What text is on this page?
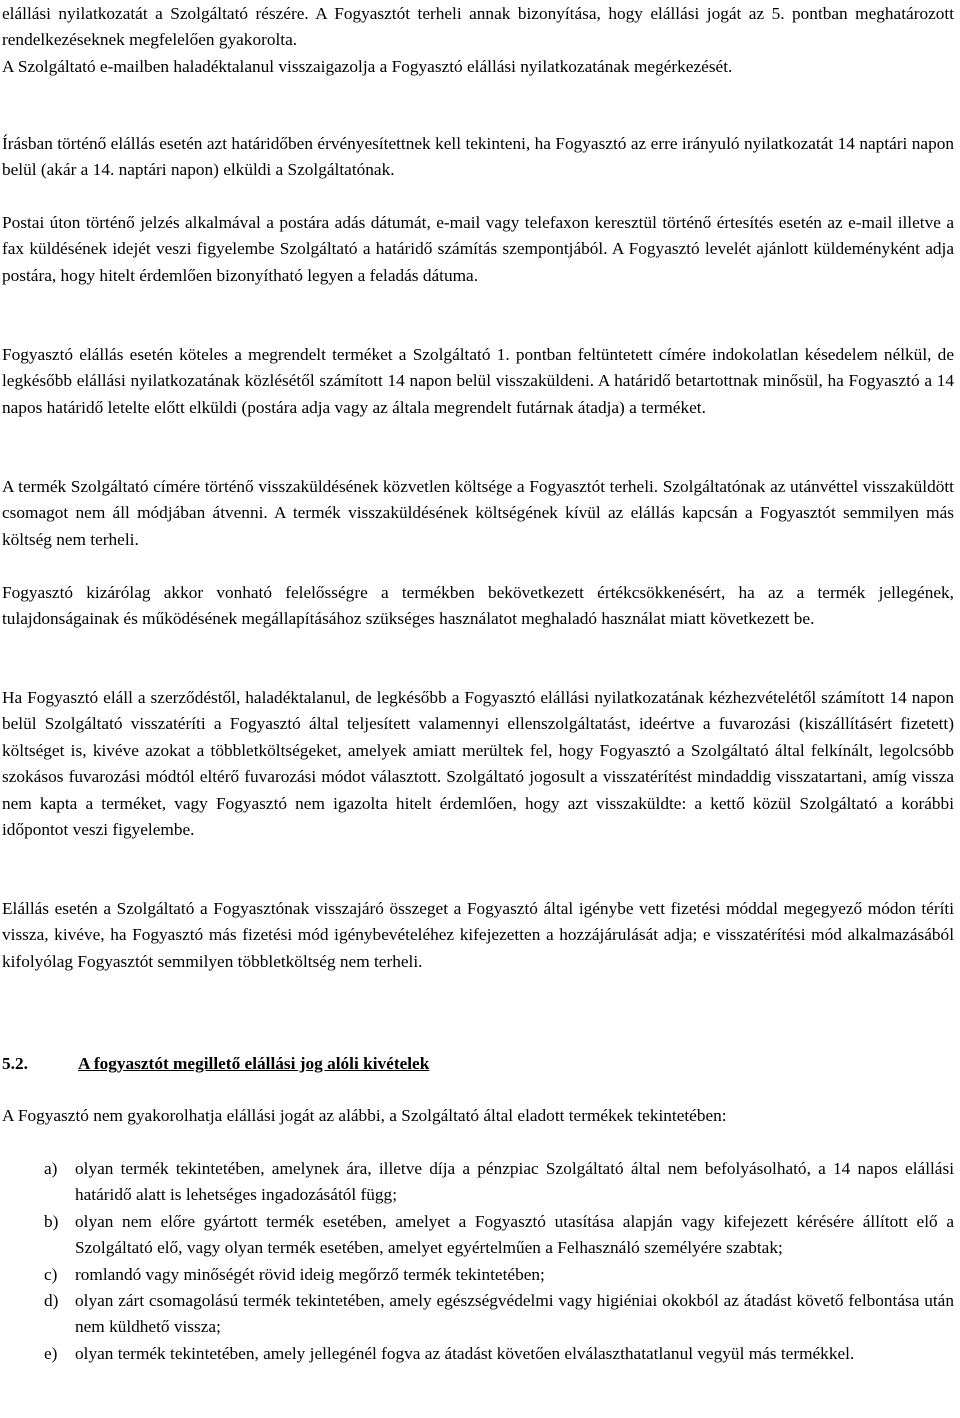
elállási nyilatkozatát a Szolgáltató részére. A Fogyasztót terheli annak bizonyítása, hogy elállási jogát az 5. pontban meghatározott rendelkezéseknek megfelelően gyakorolta.
A Szolgáltató e-mailben haladéktalanul visszaigazolja a Fogyasztó elállási nyilatkozatának megérkezését.

Írásban történő elállás esetén azt határidőben érvényesítettnek kell tekinteni, ha Fogyasztó az erre irányuló nyilatkozatát 14 naptári napon belül (akár a 14. naptári napon) elküldi a Szolgáltatónak.

Postai úton történő jelzés alkalmával a postára adás dátumát, e-mail vagy telefaxon keresztül történő értesítés esetén az e-mail illetve a fax küldésének idejét veszi figyelembe Szolgáltató a határidő számítás szempontjából. A Fogyasztó levelét ajánlott küldeményként adja postára, hogy hitelt érdemlően bizonyítható legyen a feladás dátuma.

Fogyasztó elállás esetén köteles a megrendelt terméket a Szolgáltató 1. pontban feltüntetett címére indokolatlan késedelem nélkül, de legkésőbb elállási nyilatkozatának közlésétől számított 14 napon belül visszaküldeni. A határidő betartottnak minősül, ha Fogyasztó a 14 napos határidő letelte előtt elküldi (postára adja vagy az általa megrendelt futárnak átadja) a terméket.

A termék Szolgáltató címére történő visszaküldésének közvetlen költsége a Fogyasztót terheli. Szolgáltatónak az utánvéttel visszaküldött csomagot nem áll módjában átvenni. A termék visszaküldésének költségének kívül az elállás kapcsán a Fogyasztót semmilyen más költség nem terheli.

Fogyasztó kizárólag akkor vonható felelősségre a termékben bekövetkezett értékcsökkenésért, ha az a termék jellegének, tulajdonságainak és működésének megállapításához szükséges használatot meghaladó használat miatt következett be.

Ha Fogyasztó eláll a szerződéstől, haladéktalanul, de legkésőbb a Fogyasztó elállási nyilatkozatának kézhezvételétől számított 14 napon belül Szolgáltató visszatéríti a Fogyasztó által teljesített valamennyi ellenszolgáltatást, ideértve a fuvarozási (kiszállításért fizetett) költséget is, kivéve azokat a többletköltségeket, amelyek amiatt merültek fel, hogy Fogyasztó a Szolgáltató által felkínált, legolcsóbb szokásos fuvarozási módtól eltérő fuvarozási módot választott. Szolgáltató jogosult a visszatérítést mindaddig visszatartani, amíg vissza nem kapta a terméket, vagy Fogyasztó nem igazolta hitelt érdemlően, hogy azt visszaküldte: a kettő közül Szolgáltató a korábbi időpontot veszi figyelembe.

Elállás esetén a Szolgáltató a Fogyasztónak visszajáró összeget a Fogyasztó által igénybe vett fizetési móddal megegyező módon téríti vissza, kivéve, ha Fogyasztó más fizetési mód igénybevételéhez kifejezetten a hozzájárulását adja; e visszatérítési mód alkalmazásából kifolyólag Fogyasztót semmilyen többletköltség nem terheli.

5.2.	A fogyasztót megillető elállási jog alóli kivételek

A Fogyasztó nem gyakorolhatja elállási jogát az alábbi, a Szolgáltató által eladott termékek tekintetében:

a) olyan termék tekintetében, amelynek ára, illetve díja a pénzpiac Szolgáltató által nem befolyásolható, a 14 napos elállási határidő alatt is lehetséges ingadozásától függ;
b) olyan nem előre gyártott termék esetében, amelyet a Fogyasztó utasítása alapján vagy kifejezett kérésére állított elő a Szolgáltató elő, vagy olyan termék esetében, amelyet egyértelműen a Felhasználó személyére szabtak;
c) romlandó vagy minőségét rövid ideig megőrző termék tekintetében;
d) olyan zárt csomagolású termék tekintetében, amely egészségvédelmi vagy higiéniai okokból az átadást követő felbontása után nem küldhető vissza;
e) olyan termék tekintetében, amely jellegénél fogva az átadást követően elválaszthatatlanul vegyül más termékkel.
